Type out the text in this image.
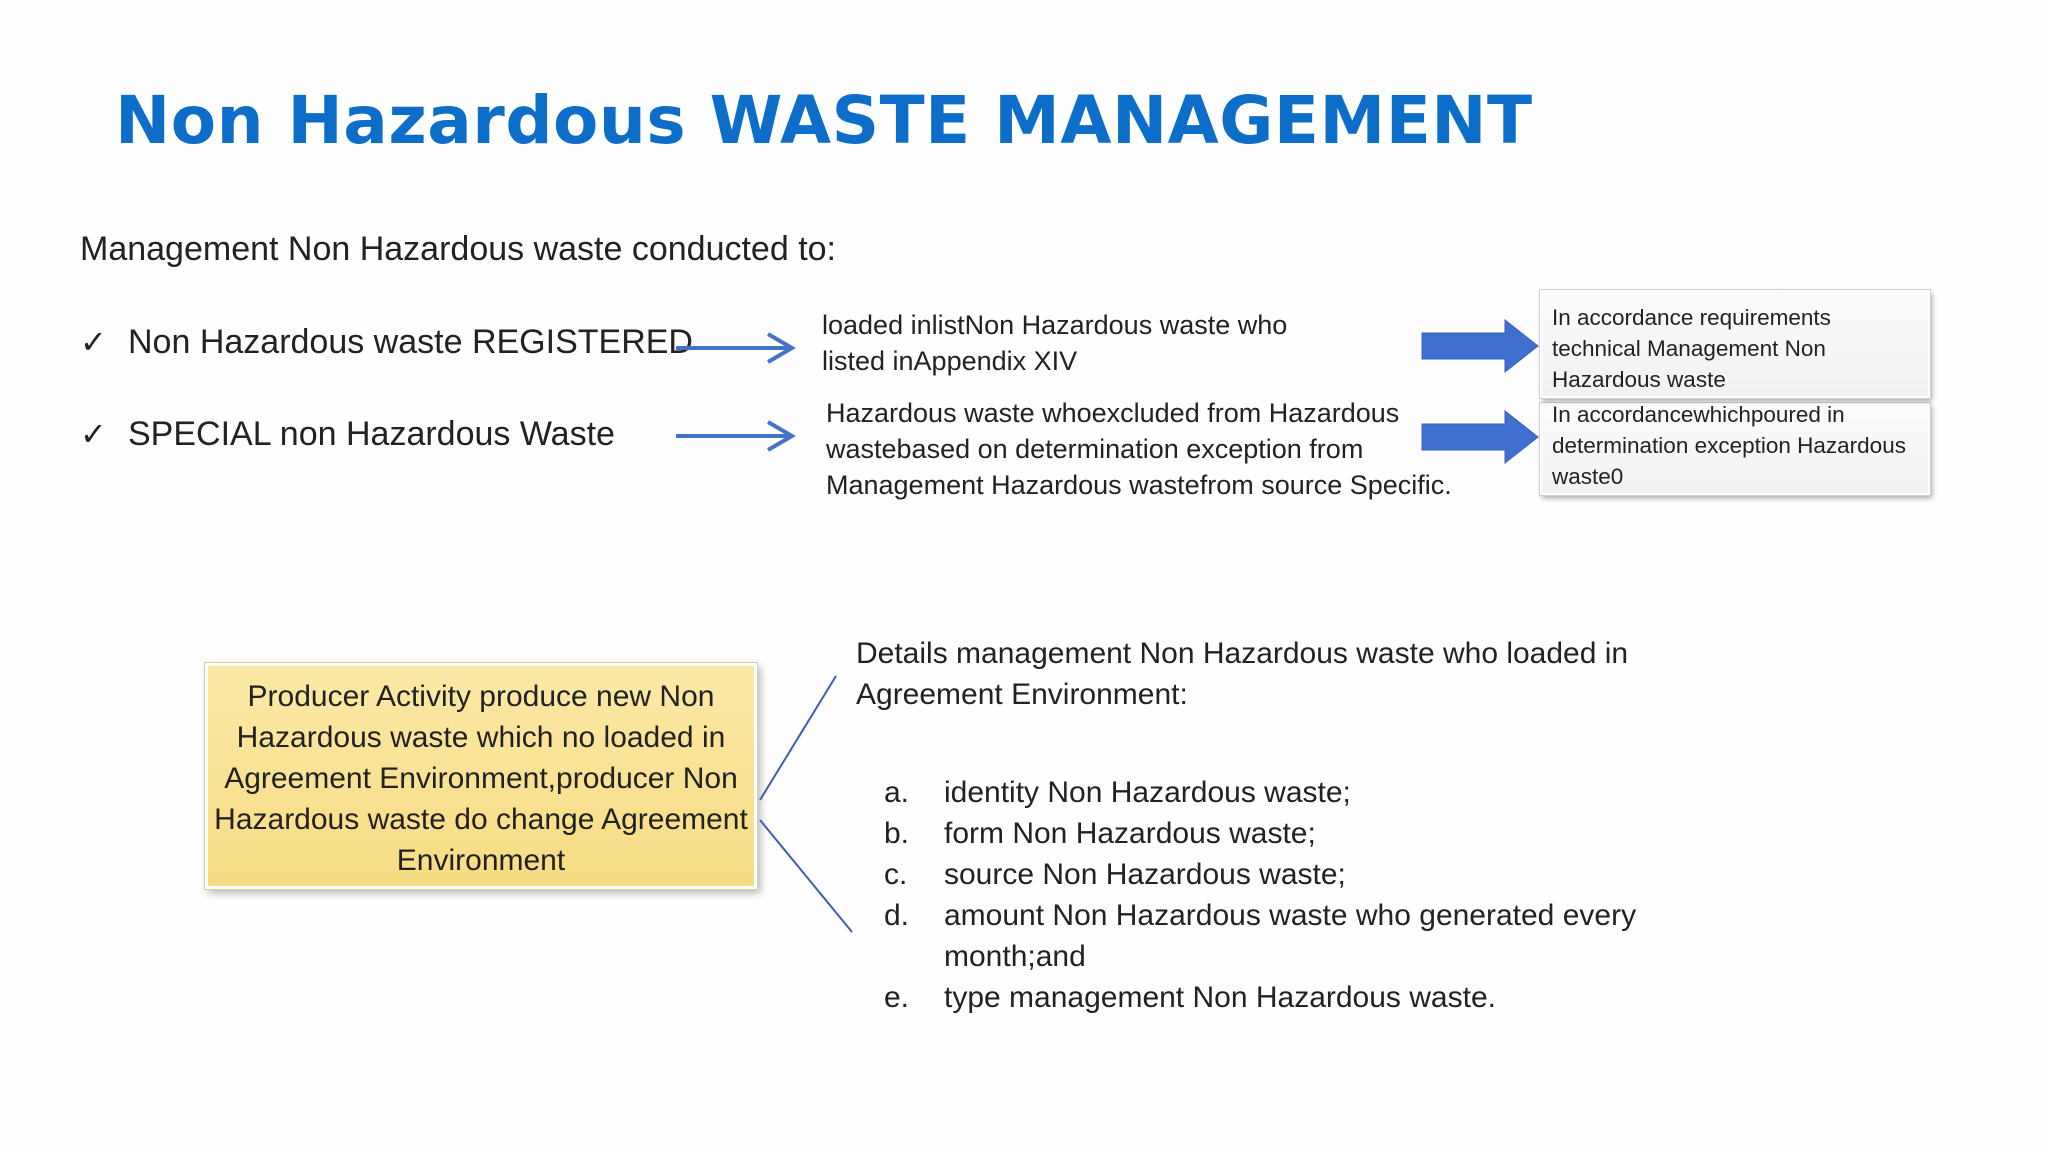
Non Hazardous WASTE MANAGEMENT
Management Non Hazardous waste conducted to:
✓ Non Hazardous waste REGISTERED
✓ SPECIAL non Hazardous Waste
loaded inlistNon Hazardous waste who listed inAppendix XIV
Hazardous waste whoexcluded from Hazardous wastebased on determination exception from Management Hazardous wastefrom source Specific.
In accordancewhichpoured in determination exception Hazardous waste0
In accordance requirements technical Management Non Hazardous waste
Producer Activity produce new Non Hazardous waste which no loaded in Agreement Environment,producer Non Hazardous waste do change Agreement Environment
Details management Non Hazardous waste who loaded in Agreement Environment:
a.	identity Non Hazardous waste;
b.	form Non Hazardous waste;
c.	source Non Hazardous waste;
d.	amount Non Hazardous waste who generated every month;and
e.	type management Non Hazardous waste.
